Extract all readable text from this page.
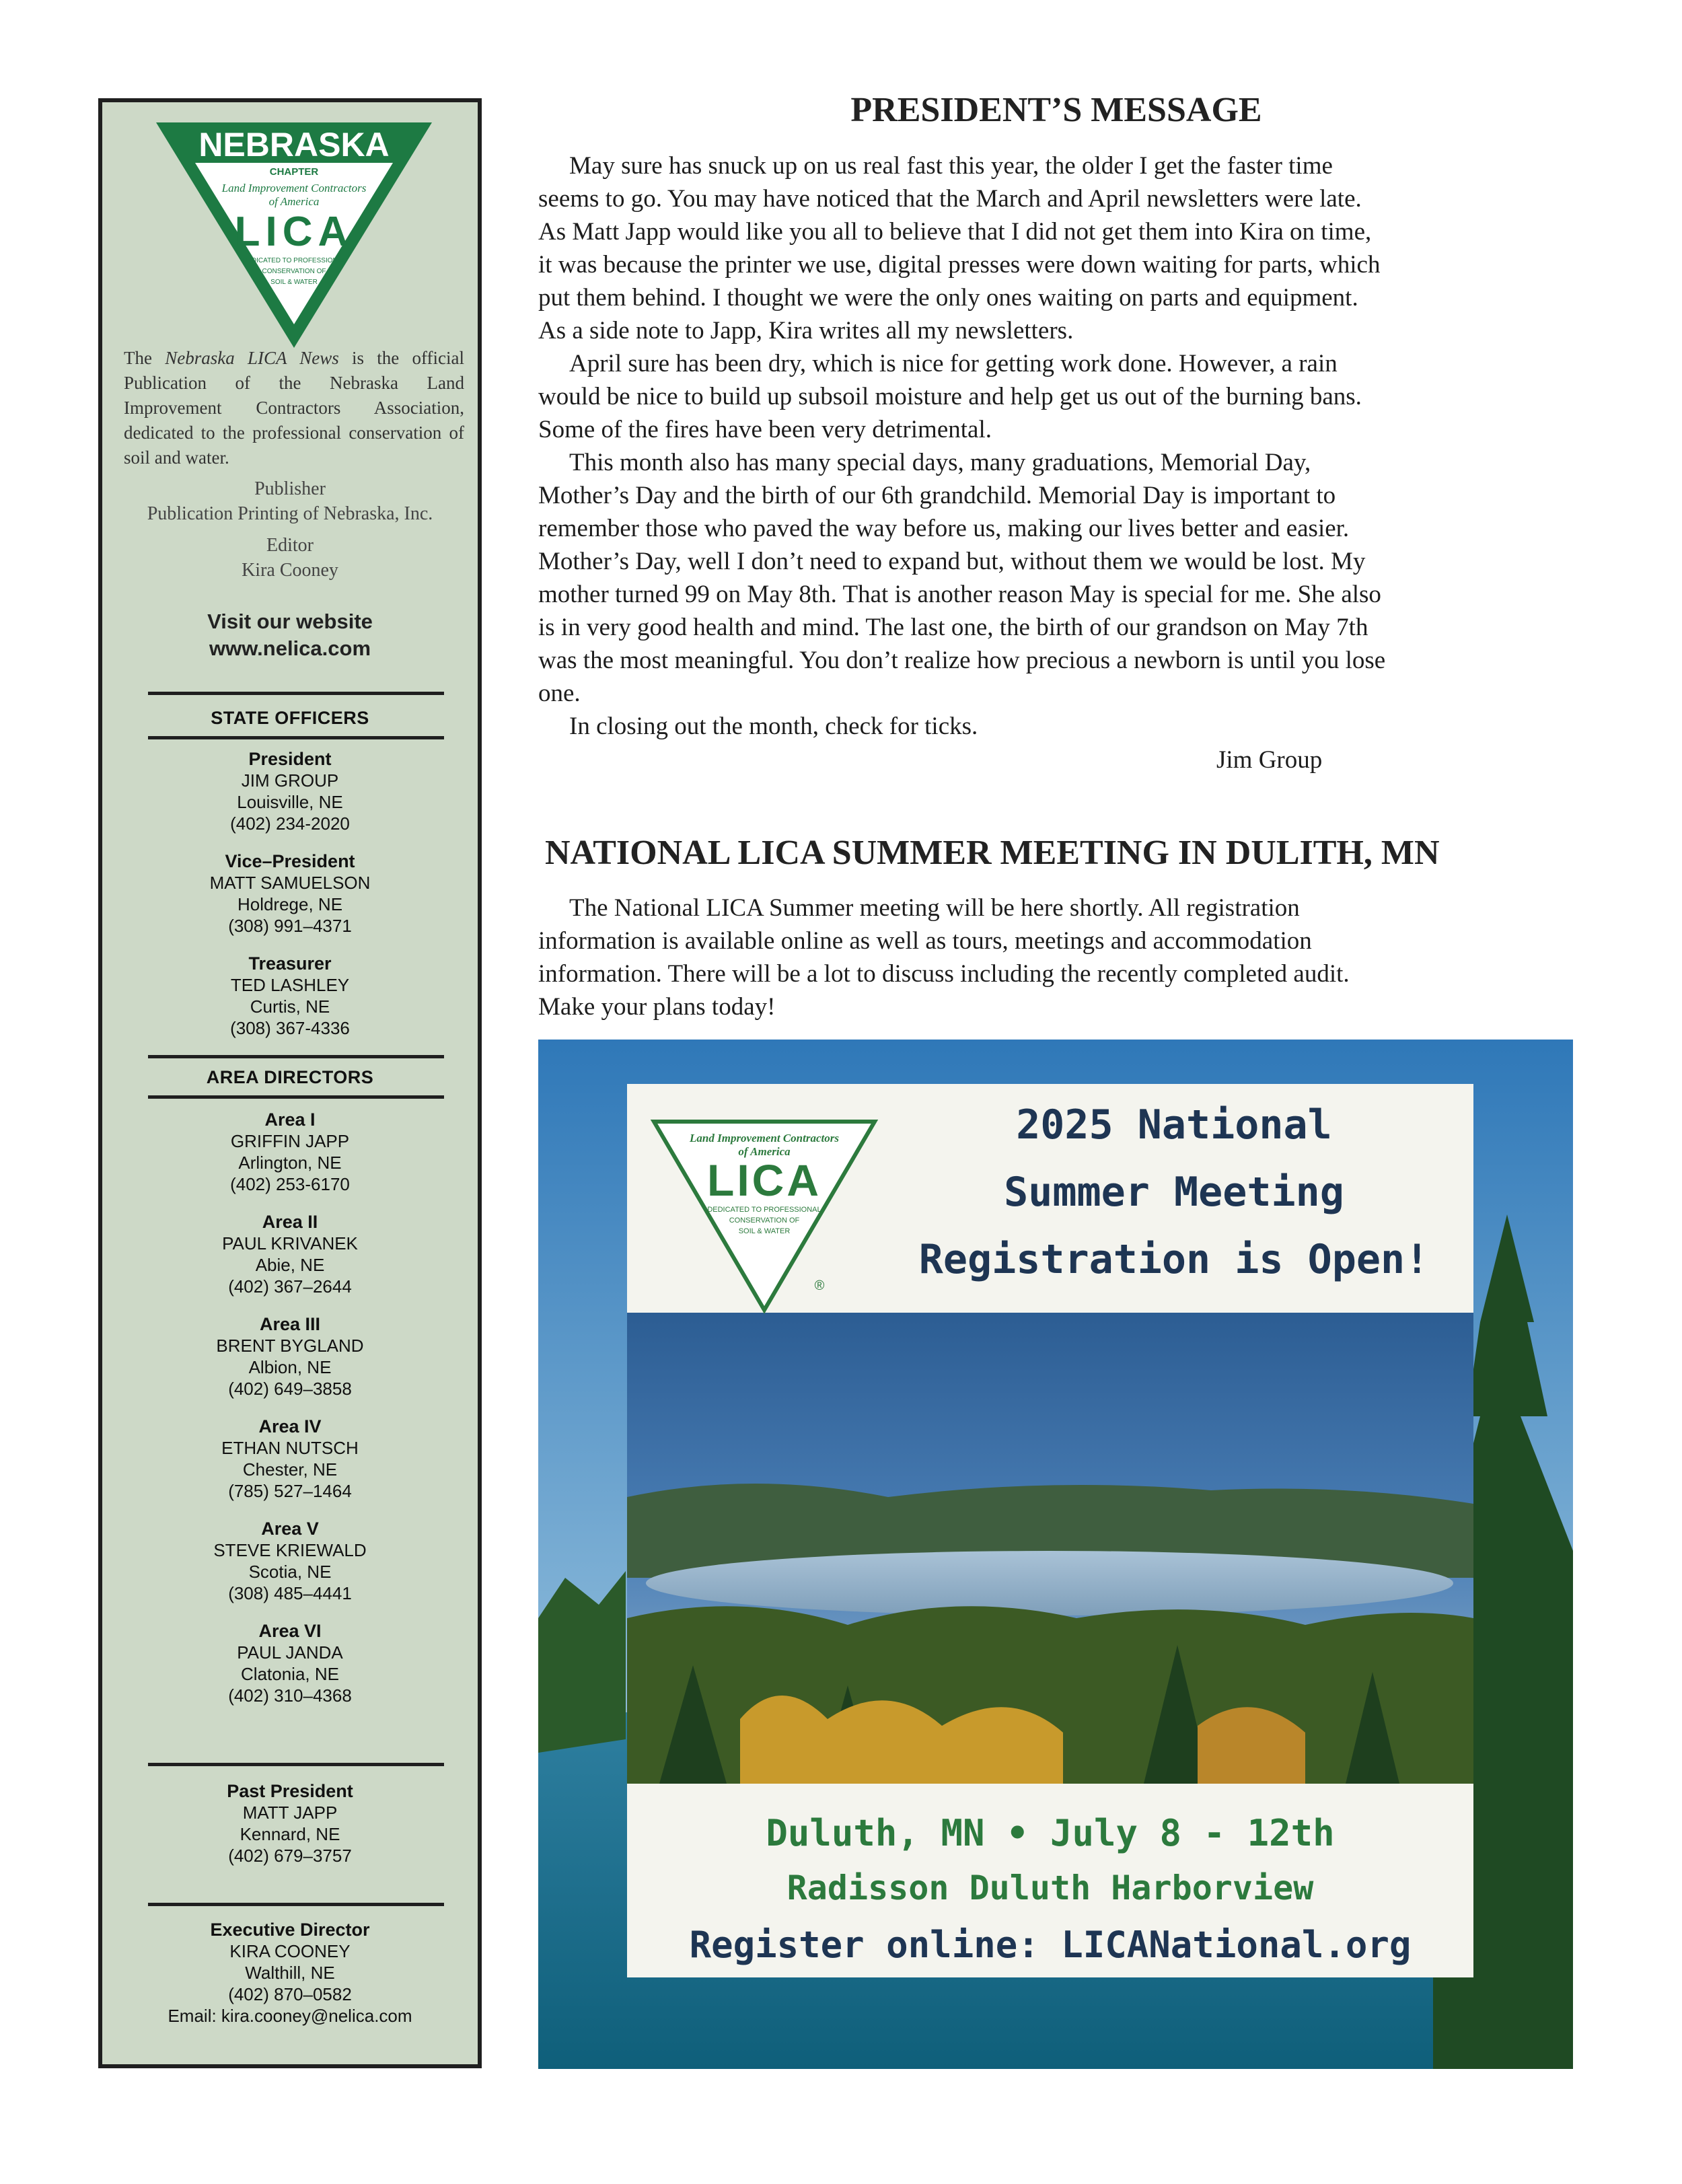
NEBRASKA
CHAPTER
Land Improvement Contractors
of America
LICA
DEDICATED TO PROFESSIONAL
CONSERVATION OF
SOIL & WATER
The Nebraska LICA News is the official Publication of the Nebraska Land Improvement Contractors Association, dedicated to the professional conservation of soil and water.
Publisher
Publication Printing of Nebraska, Inc.
Editor
Kira Cooney
Visit our website
www.nelica.com
STATE OFFICERS
President
JIM GROUP
Louisville, NE
(402) 234-2020
Vice–President
MATT SAMUELSON
Holdrege, NE
(308) 991–4371
Treasurer
TED LASHLEY
Curtis, NE
(308) 367-4336
AREA DIRECTORS
Area I
GRIFFIN JAPP
Arlington, NE
(402) 253-6170
Area II
PAUL KRIVANEK
Abie, NE
(402) 367–2644
Area III
BRENT BYGLAND
Albion, NE
(402) 649–3858
Area IV
ETHAN NUTSCH
Chester, NE
(785) 527–1464
Area V
STEVE KRIEWALD
Scotia, NE
(308) 485–4441
Area VI
PAUL JANDA
Clatonia, NE
(402) 310–4368
Past President
MATT JAPP
Kennard, NE
(402) 679–3757
Executive Director
KIRA COONEY
Walthill, NE
(402) 870–0582
Email: kira.cooney@nelica.com
PRESIDENT’S MESSAGE
May sure has snuck up on us real fast this year, the older I get the faster time
seems to go. You may have noticed that the March and April newsletters were late.
As Matt Japp would like you all to believe that I did not get them into Kira on time,
it was because the printer we use, digital presses were down waiting for parts, which
put them behind. I thought we were the only ones waiting on parts and equipment.
As a side note to Japp, Kira writes all my newsletters.
April sure has been dry, which is nice for getting work done. However, a rain
would be nice to build up subsoil moisture and help get us out of the burning bans.
Some of the fires have been very detrimental.
This month also has many special days, many graduations, Memorial Day,
Mother’s Day and the birth of our 6th grandchild. Memorial Day is important to
remember those who paved the way before us, making our lives better and easier.
Mother’s Day, well I don’t need to expand but, without them we would be lost. My
mother turned 99 on May 8th. That is another reason May is special for me. She also
is in very good health and mind. The last one, the birth of our grandson on May 7th
was the most meaningful. You don’t realize how precious a newborn is until you lose
one.
In closing out the month, check for ticks.
Jim Group
NATIONAL LICA SUMMER MEETING IN DULITH, MN
The National LICA Summer meeting will be here shortly. All registration
information is available online as well as tours, meetings and accommodation
information. There will be a lot to discuss including the recently completed audit.
Make your plans today!
Land Improvement Contractors
of America
LICA
DEDICATED TO PROFESSIONAL
CONSERVATION OF
SOIL & WATER
®
2025 National
Summer Meeting
Registration is Open!
Duluth, MN • July 8 - 12th
Radisson Duluth Harborview
Register online: LICANational.org
